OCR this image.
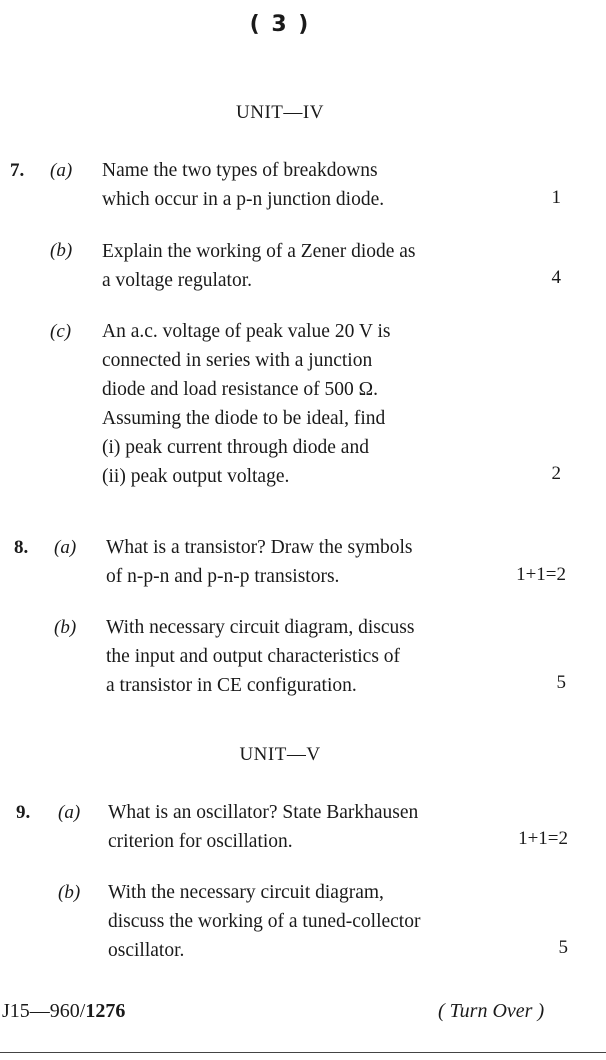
( 3 )
UNIT—IV
7. (a) Name the two types of breakdowns
which occur in a p-n junction diode.	1
(b) Explain the working of a Zener diode as
a voltage regulator.	4
(c) An a.c. voltage of peak value 20 V is
connected in series with a junction
diode and load resistance of 500 Ω.
Assuming the diode to be ideal, find
(i) peak current through diode and
(ii) peak output voltage.	2
8. (a) What is a transistor? Draw the symbols
of n-p-n and p-n-p transistors.	1+1=2
(b) With necessary circuit diagram, discuss
the input and output characteristics of
a transistor in CE configuration.	5
UNIT—V
9. (a) What is an oscillator? State Barkhausen
criterion for oscillation.	1+1=2
(b) With the necessary circuit diagram,
discuss the working of a tuned-collector
oscillator.	5
J15—960/1276	( Turn Over )
